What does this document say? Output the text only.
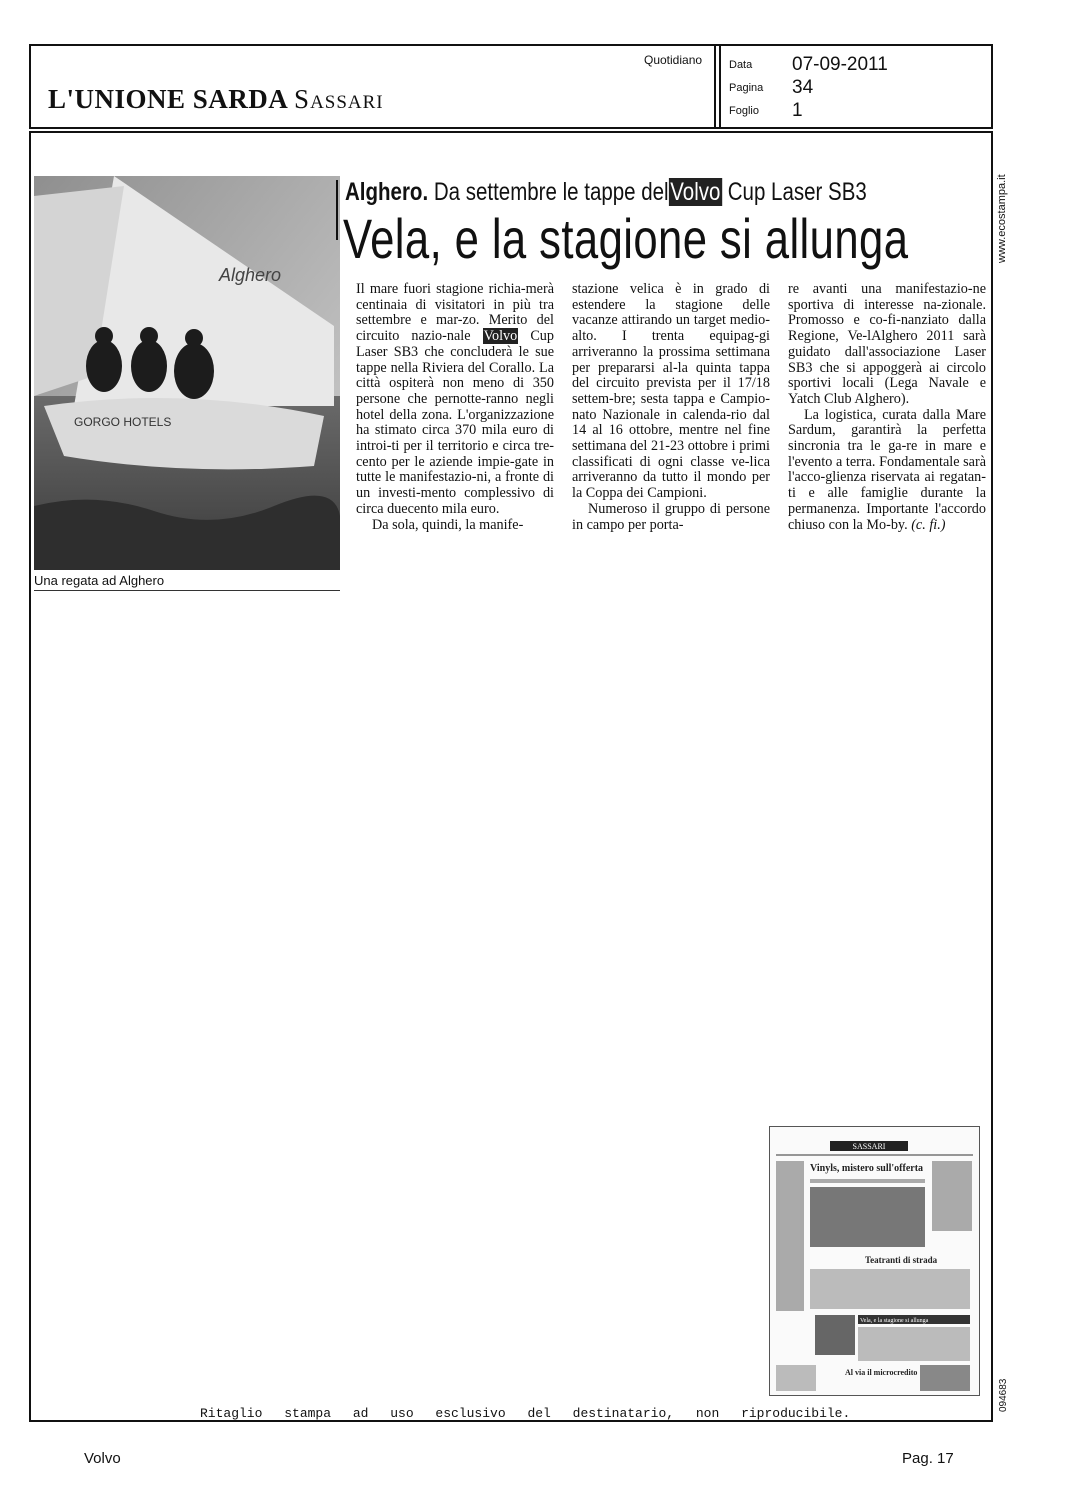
L'UNIONE SARDA Sassari
Quotidiano Data	07-09-2011
Pagina	34
Foglio	1
www.ecostampa.it
094683
Alghero
GORGO HOTELS
Una regata ad Alghero
Alghero. Da settembre le tappe delVolvo Cup Laser SB3
Vela, e la stagione si allunga

Il mare fuori stagione richia-merà centinaia di visitatori in più tra settembre e mar-zo. Merito del circuito nazio-nale Volvo Cup Laser SB3 che concluderà le sue tappe nella Riviera del Corallo. La città ospiterà non meno di 350 persone che pernotte-ranno negli hotel della zona. L'organizzazione ha stimato circa 370 mila euro di introi-ti per il territorio e circa tre-cento per le aziende impie-gate in tutte le manifestazio-ni, a fronte di un investi-mento complessivo di circa duecento mila euro.

Da sola, quindi, la manife-

stazione velica è in grado di estendere la stagione delle vacanze attirando un target medio-alto. I trenta equipag-gi arriveranno la prossima settimana per prepararsi al-la quinta tappa del circuito prevista per il 17/18 settem-bre; sesta tappa e Campio-nato Nazionale in calenda-rio dal 14 al 16 ottobre, mentre nel fine settimana del 21-23 ottobre i primi classificati di ogni classe ve-lica arriveranno da tutto il mondo per la Coppa dei Campioni.

Numeroso il gruppo di persone in campo per porta-

re avanti una manifestazio-ne sportiva di interesse na-zionale. Promosso e co-fi-nanziato dalla Regione, Ve-lAlghero 2011 sarà guidato dall'associazione Laser SB3 che si appoggerà ai circolo sportivi locali (Lega Navale e Yatch Club Alghero).

La logistica, curata dalla Mare Sardum, garantirà la perfetta sincronia tra le ga-re in mare e l'evento a terra. Fondamentale sarà l'acco-glienza riservata ai regatan-ti e alle famiglie durante la permanenza. Importante l'accordo chiuso con la Mo-by. (c. fi.)

SASSARI
Vinyls, mistero sull'offerta
Teatranti di strada
Vela, e la stagione si allunga
Al via il microcredito
Ritaglio stampa ad uso esclusivo del destinatario, non riproducibile.
Volvo	Pag. 17
